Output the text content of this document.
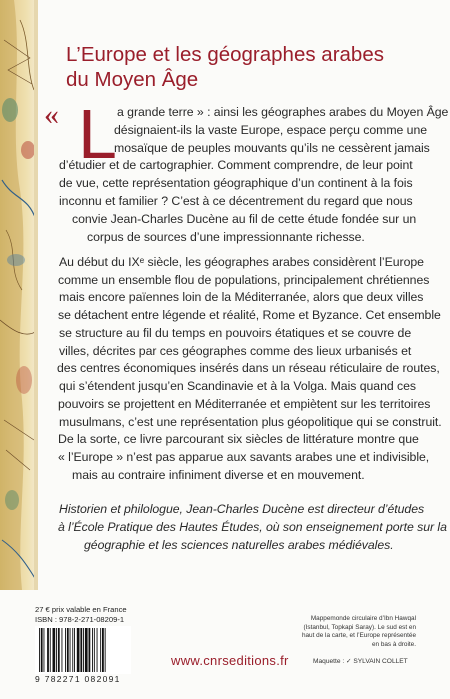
L’Europe et les géographes arabes
du Moyen Âge
« L a grande terre » : ainsi les géographes arabes du Moyen Âge
désignaient-ils la vaste Europe, espace perçu comme une
mosaïque de peuples mouvants qu’ils ne cessèrent jamais
d’étudier et de cartographier. Comment comprendre, de leur point
de vue, cette représentation géographique d’un continent à la fois
inconnu et familier ? C’est à ce décentrement du regard que nous
convie Jean-Charles Ducène au fil de cette étude fondée sur un
corpus de sources d’une impressionnante richesse.
Au début du IXᵉ siècle, les géographes arabes considèrent l’Europe
comme un ensemble flou de populations, principalement chrétiennes
mais encore païennes loin de la Méditerranée, alors que deux villes
se détachent entre légende et réalité, Rome et Byzance. Cet ensemble
se structure au fil du temps en pouvoirs étatiques et se couvre de
villes, décrites par ces géographes comme des lieux urbanisés et
des centres économiques insérés dans un réseau réticulaire de routes,
qui s’étendent jusqu’en Scandinavie et à la Volga. Mais quand ces
pouvoirs se projettent en Méditerranée et empiètent sur les territoires
musulmans, c’est une représentation plus géopolitique qui se construit.
De la sorte, ce livre parcourant six siècles de littérature montre que
« l’Europe » n’est pas apparue aux savants arabes une et indivisible,
mais au contraire infiniment diverse et en mouvement.
Historien et philologue, Jean-Charles Ducène est directeur d’études
à l’École Pratique des Hautes Études, où son enseignement porte sur la
géographie et les sciences naturelles arabes médiévales.
27 € prix valable en France
ISBN : 978-2-271-08209-1
9 782271 082091
www.cnrseditions.fr
Mappemonde circulaire d’Ibn Hawqal
(Istanbul, Topkapi Saray). Le sud est en
haut de la carte, et l’Europe représentée
en bas à droite.
Maquette : ✓ SYLVAIN COLLET
